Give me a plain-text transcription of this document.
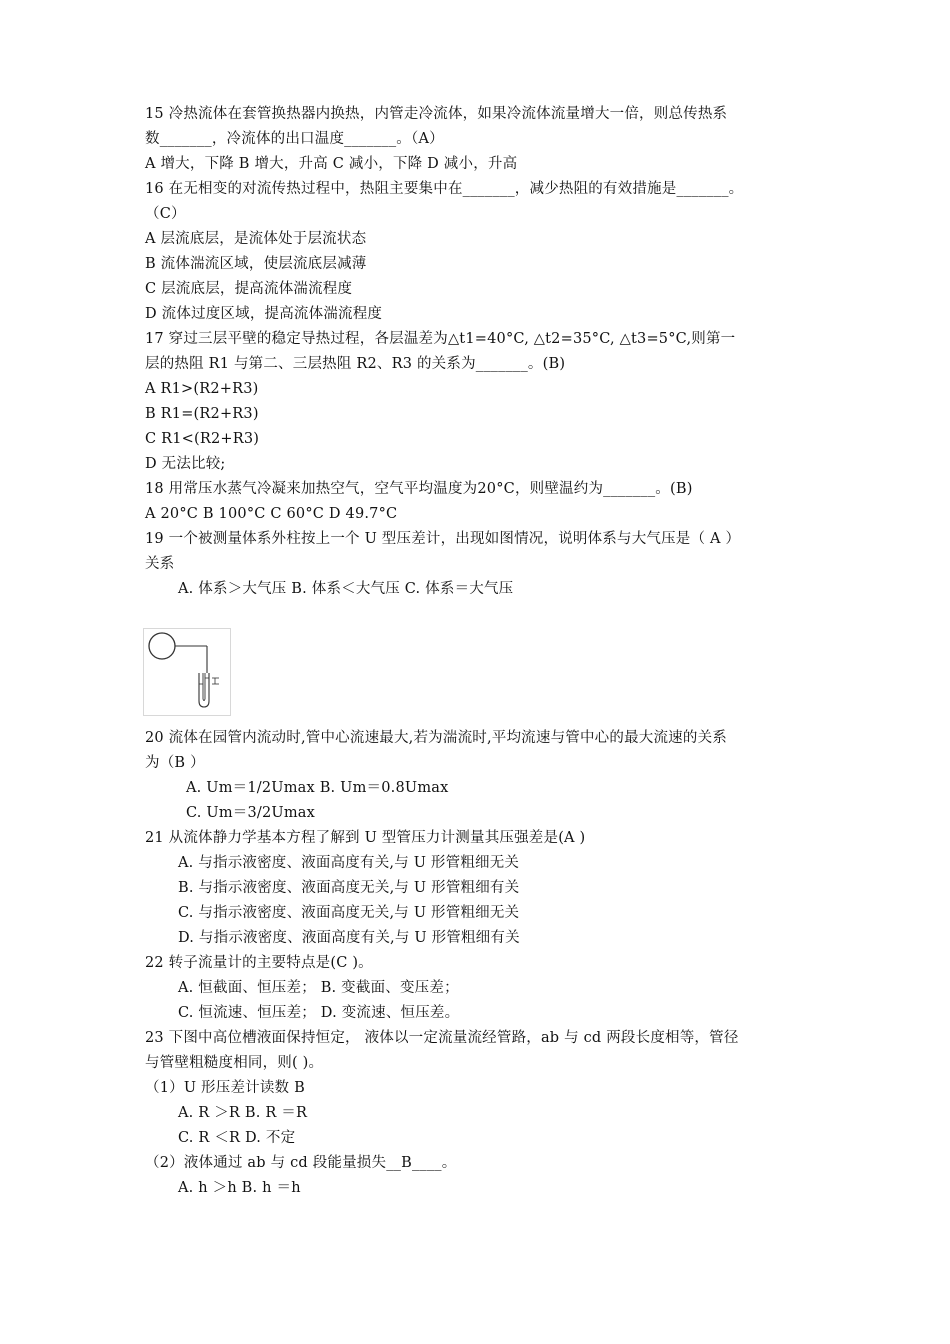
15 冷热流体在套管换热器内换热，内管走冷流体，如果冷流体流量增大一倍，则总传热系
数_______，冷流体的出口温度_______。（A）
A 增大，下降 B 增大，升高 C 减小，下降 D 减小，升高
16 在无相变的对流传热过程中，热阻主要集中在_______，减少热阻的有效措施是_______。
（C）
A 层流底层，是流体处于层流状态
B 流体湍流区域，使层流底层减薄
C 层流底层，提高流体湍流程度
D 流体过度区域，提高流体湍流程度
17 穿过三层平壁的稳定导热过程，各层温差为△t1=40°C, △t2=35°C, △t3=5°C,则第一
层的热阻 R1 与第二、三层热阻 R2、R3 的关系为_______。(B)
A R1>(R2+R3)
B R1=(R2+R3)
C R1<(R2+R3)
D 无法比较;
18 用常压水蒸气冷凝来加热空气，空气平均温度为20°C，则壁温约为_______。(B)
A 20°C B 100°C C 60°C D 49.7°C
19 一个被测量体系外柱按上一个 U 型压差计，出现如图情况，说明体系与大气压是（ A ）
关系
A. 体系＞大气压 B. 体系＜大气压 C. 体系＝大气压
20 流体在园管内流动时,管中心流速最大,若为湍流时,平均流速与管中心的最大流速的关系
为（B ）
A. Um＝1/2Umax B. Um＝0.8Umax
C. Um＝3/2Umax
21 从流体静力学基本方程了解到 U 型管压力计测量其压强差是(A )
A. 与指示液密度、液面高度有关,与 U 形管粗细无关
B. 与指示液密度、液面高度无关,与 U 形管粗细有关
C. 与指示液密度、液面高度无关,与 U 形管粗细无关
D. 与指示液密度、液面高度有关,与 U 形管粗细有关
22 转子流量计的主要特点是(C )。
A. 恒截面、恒压差； B. 变截面、变压差；
C. 恒流速、恒压差； D. 变流速、恒压差。
23 下图中高位槽液面保持恒定， 液体以一定流量流经管路，ab 与 cd 两段长度相等，管径
与管壁粗糙度相同，则( )。
（1）U 形压差计读数 B
A. R ＞R B. R ＝R
C. R ＜R D. 不定
（2）液体通过 ab 与 cd 段能量损失__B____。
A. h ＞h B. h ＝h
